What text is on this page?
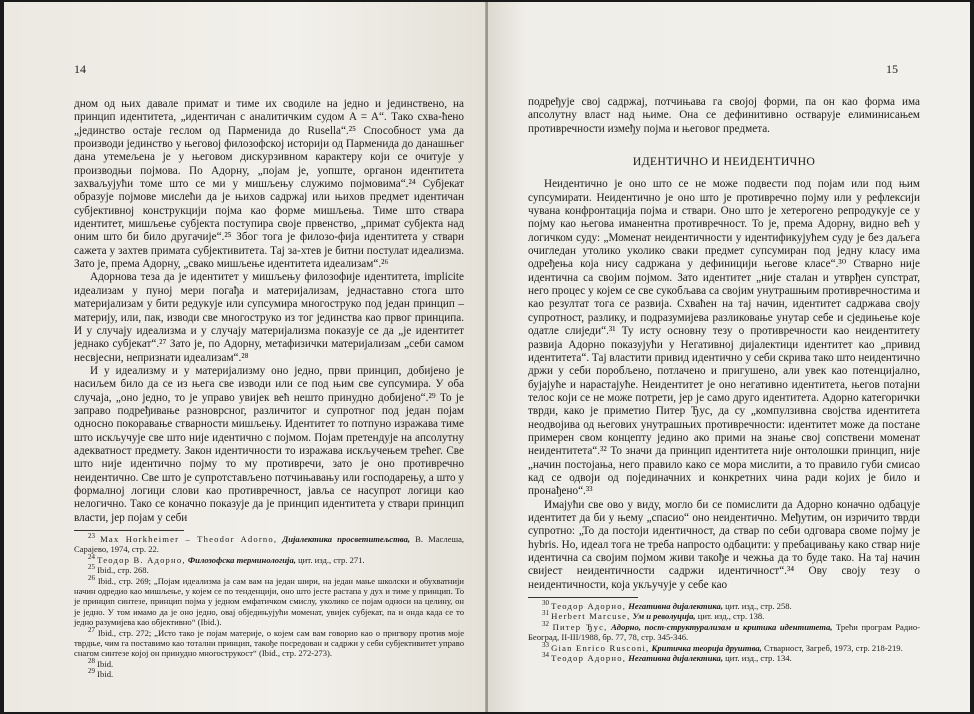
14

дном од њих давале примат и тиме их сводиле на једно и јединствено, на принцип идентитета, „идентичан с аналитичким судом A = A“. Тако схва-ћено „јединство остаје геслом од Парменида до Rusella“.²⁵ Способност ума да производи јединство у његовој филозофској историји од Парменида до данашњег дана утемељена је у његовом дискурзивном карактеру који се очитује у производњи појмова. По Адорну, „појам је, уопште, органон идентитета захваљујући томе што се ми у мишљењу служимо појмовима“.²⁴ Субјекат образује појмове мислећи да је њихов садржај или њихов предмет идентичан субјективној конструкцији појма као форме мишљења. Тиме што ствара идентитет, мишљење субјекта поступира своје првенство, „примат субјекта над оним што би било другачије“.²⁵ Због тога је филозо-фија идентитета у ствари сажета у захтев примата субјективитета. Тај за-хтев је битни постулат идеализма. Зато је, према Адорну, „свако мишљење идентитета идеализам“.²⁶

Адорнова теза да је идентитет у мишљењу филозофије идентитета, implicite идеализам у пуној мери погађа и материјализам, једнаставно стога што материјализам у бити редукује или супсумира многоструко под један принцип – материју, или, пак, изводи све многоструко из тог јединства као првог принципа. И у случају идеализма и у случају материјализма показује се да „је идентитет једнако субјекат“.²⁷ Зато је, по Адорну, метафизички материјализам „себи самом несвјесни, непризнати идеализам“.²⁸

И у идеализму и у материјализму оно једно, први принцип, добијено је насиљем било да се из њега све изводи или се под њим све супсумира. У оба случаја, „оно једно, то је управо увијек већ нешто принудно добијено“.²⁹ То је заправо подређивање разноврсног, различитог и супротног под један појам односно покоравање стварности мишљењу. Идентитет то потпуно изражава тиме што искључује све што није идентично с појмом. Појам претендује на апсолутну адекватност предмету. Закон идентичности то изражава искључењем трећег. Све што није идентично појму то му противречи, зато је оно противречно неидентично. Све што је супротстављено потчињавању или господарењу, а што у формалној логици слови као противречност, јавља се насупрот логици као нелогично. Тако се коначно показује да је принцип идентитета у ствари принцип власти, јер појам у себи

$^{23}$ Max Horkheimer – Theodor Adorno, Дијалектика просветитељства, В. Маслеша, Сарајево, 1974, стр. 22.

$^{24}$ Теодор В. Адорно, Филозофска терминологија, цит. изд., стр. 271.

$^{25}$ Ibid., стр. 268.

$^{26}$ Ibid., стр. 269; „Појам идеализма ја сам вам на један шири, на један мање школски и обухватнији начин одредио као мишљење, у којем се по тенденцији, оно што јесте растапа у дух и тиме у принцип. То је принцип синтезе, принцип појма у једном емфатичком смислу, уколико се појам односи на целину, он је једно. У том имамо да је оно једно, овај обједињујући моменат, увијек субјекат, па и онда када се то једно разумијева као објективно“ (Ibid.).

$^{27}$ Ibid., стр. 272; „Исто тако је појам материје, о којем сам вам говорио као о пригвору против моје тврдње, чим га поставимо као тотални принцип, такође посредован и садржи у себи субјективитет управо снагом синтезе којој он принудно многострукост“ (Ibid., стр. 272-273).

$^{28}$ Ibid.

$^{29}$ Ibid.

15

подређује свој садржај, потчињава га својој форми, па он као форма има апсолутну власт над њиме. Она се дефинитивно остварује елиминисањем противречности између појма и његовог предмета.

ИДЕНТИЧНО И НЕИДЕНТИЧНО

Неидентично је оно што се не може подвести под појам или под њим супсумирати. Неидентично је оно што је противречно појму или у рефлексији чувана конфронтација појма и ствари. Оно што је хетерогено репродукује се у појму као његова иманентна противречност. То је, према Адорну, видно већ у логичком суду: „Моменат неидентичности у идентификујућем суду је без даљега очигледан утолико уколико сваки предмет супсумиран под једну класу има одређења која нису садржана у дефиницији његове класе“.³⁰ Стварно није идентична са својим појмом. Зато идентитет „није сталан и утврђен супстрат, него процес у којем се све сукобљава са својим унутрашњим противречностима и као резултат тога се развија. Схваћен на тај начин, идентитет садржава своју супротност, разлику, и подразумијева разликовање унутар себе и сједињење које одатле слиједи“.³¹ Ту исту основну тезу о противречности као неидентитету развија Адорно показујући у Негативној дијалектици идентитет као „привид идентитета“. Тај властити привид идентично у себи скрива тако што неидентично држи у себи поробљено, потлачено и пригушено, али увек као потенцијално, бујајуће и нарастајуће. Неидентитет је оно негативно идентитета, његов потајни телос који се не може потрети, јер је само друго идентитета. Адорно категорички тврди, како је приметио Питер Ђус, да су „компулзивна својства идентитета неодвојива од његових унутрашњих противречности: идентитет може да постане примерен свом концепту једино ако прими на знање свој сопствени моменат неидентитета“.³² То значи да принцип идентитета није онтолошки принцип, није „начин постојања, него правило како се мора мислити, а то правило губи смисао кад се одвоји од појединачних и конкретних чина ради којих је било и пронађено“.³³

Имајући све ово у виду, могло би се помислити да Адорно коначно одбацује идентитет да би у њему „спасио“ оно неидентично. Међутим, он изричито тврди супротно: „То да постоји идентичност, да ствар по себи одговара своме појму је hybris. Но, идеал тога не треба напросто одбацити: у пребацивању како ствар није идентична са својим појмом живи такође и чежња да то буде тако. На тај начин свијест неидентичности садржи идентичност“.³⁴ Ову своју тезу о неидентичности, која укључује у себе као

$^{30}$ Теодор Адорно, Негативна дијалектика, цит. изд., стр. 258.

$^{31}$ Herbert Marcuse, Ум и револуција, цит. изд., стр. 138.

$^{32}$ Питер Ђус, Адорно, пост-структурализам и критика идентитета, Трећи програм Радио-Београд, II-III/1988, бр. 77, 78, стр. 345-346.

$^{33}$ Gian Enrico Rusconi, Критичка теорија друштва, Стварност, Загреб, 1973, стр. 218-219.

$^{34}$ Теодор Адорно, Негативна дијалектика, цит. изд., стр. 134.
